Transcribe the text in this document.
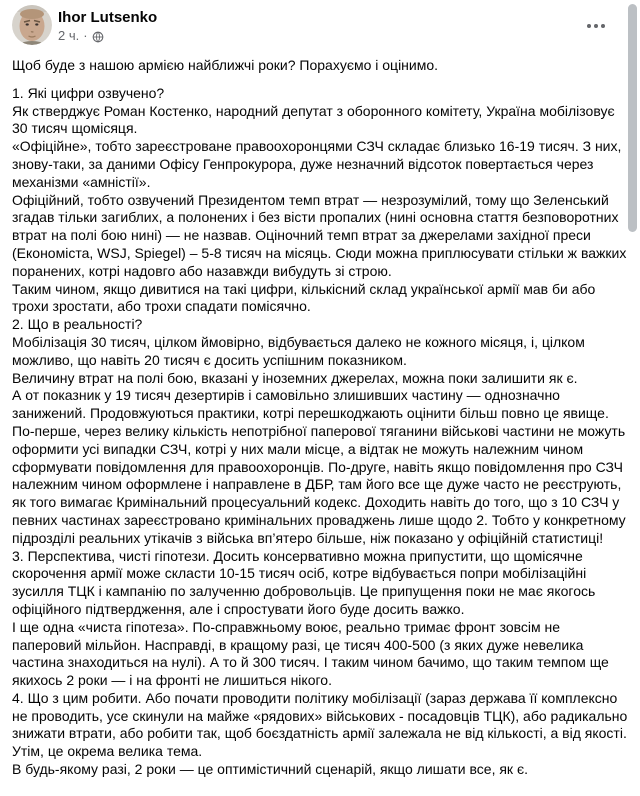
Ihor Lutsenko
2 ч. ·
Щоб буде з нашою армією найближчі роки? Порахуємо і оцінимо.
1. Які цифри озвучено?
Як стверджує Роман Костенко, народний депутат з оборонного комітету, Україна мобілізовує 30 тисяч щомісяця.
«Офіційне», тобто зареєстроване правоохоронцями СЗЧ складає близько 16-19 тисяч. З них, знову-таки, за даними Офісу Генпрокурора, дуже незначний відсоток повертається через механізми «амністії».
Офіційний, тобто озвучений Президентом темп втрат — незрозумілий, тому що Зеленський згадав тільки загиблих, а полонених і без вісти пропалих (нині основна стаття безповоротних втрат на полі бою нині) — не назвав. Оціночний темп втрат за джерелами західної преси (Економіста, WSJ, Spiegel) – 5-8 тисяч на місяць. Сюди можна приплюсувати стільки ж важких поранених, котрі надовго або назавжди вибудуть зі строю.
Таким чином, якщо дивитися на такі цифри, кількісний склад української армії мав би або трохи зростати, або трохи спадати помісячно.
2. Що в реальності?
Мобілізація 30 тисяч, цілком ймовірно, відбувається далеко не кожного місяця, і, цілком можливо, що навіть 20 тисяч є досить успішним показником.
Величину втрат на полі бою, вказані у іноземних джерелах, можна поки залишити як є.
А от показник у 19 тисяч дезертирів і самовільно злишивших частину — однозначно занижений. Продовжуються практики, котрі перешкоджають оцінити більш повно це явище.
По-перше, через велику кількість непотрібної паперової тяганини військові частини не можуть оформити усі випадки СЗЧ, котрі у них мали місце, а відтак не можуть належним чином сформувати повідомлення для правоохоронців. По-друге, навіть якщо повідомлення про СЗЧ належним чином оформлене і направлене в ДБР, там його все ще дуже часто не реєструють, як того вимагає Кримінальний процесуальний кодекс. Доходить навіть до того, що з 10 СЗЧ у певних частинах зареєстровано кримінальних проваджень лише щодо 2. Тобто у конкретному підрозділі реальних утікачів з війська вп’ятеро більше, ніж показано у офіційній статистиці!
3. Перспектива, чисті гіпотези. Досить консервативно можна припустити, що щомісячне скорочення армії може скласти 10-15 тисяч осіб, котре відбувається попри мобілізаційні зусилля ТЦК і кампанію по залученню добровольців. Це припущення поки не має якогось офіційного підтвердження, але і спростувати його буде досить важко.
І ще одна «чиста гіпотеза». По-справжньому воює, реально тримає фронт зовсім не паперовий мільйон. Насправді, в кращому разі, це тисяч 400-500 (з яких дуже невелика частина знаходиться на нулі). А то й 300 тисяч. І таким чином бачимо, що таким темпом ще якихось 2 роки — і на фронті не лишиться нікого.
4. Що з цим робити. Або почати проводити політику мобілізації (зараз держава її комплексно не проводить, усе скинули на майже «рядових» військових - посадовців ТЦК), або радикально знижати втрати, або робити так, щоб боєздатність армії залежала не від кількості, а від якості. Утім, це окрема велика тема.
В будь-якому разі, 2 роки — це оптимістичний сценарій, якщо лишати все, як є.
